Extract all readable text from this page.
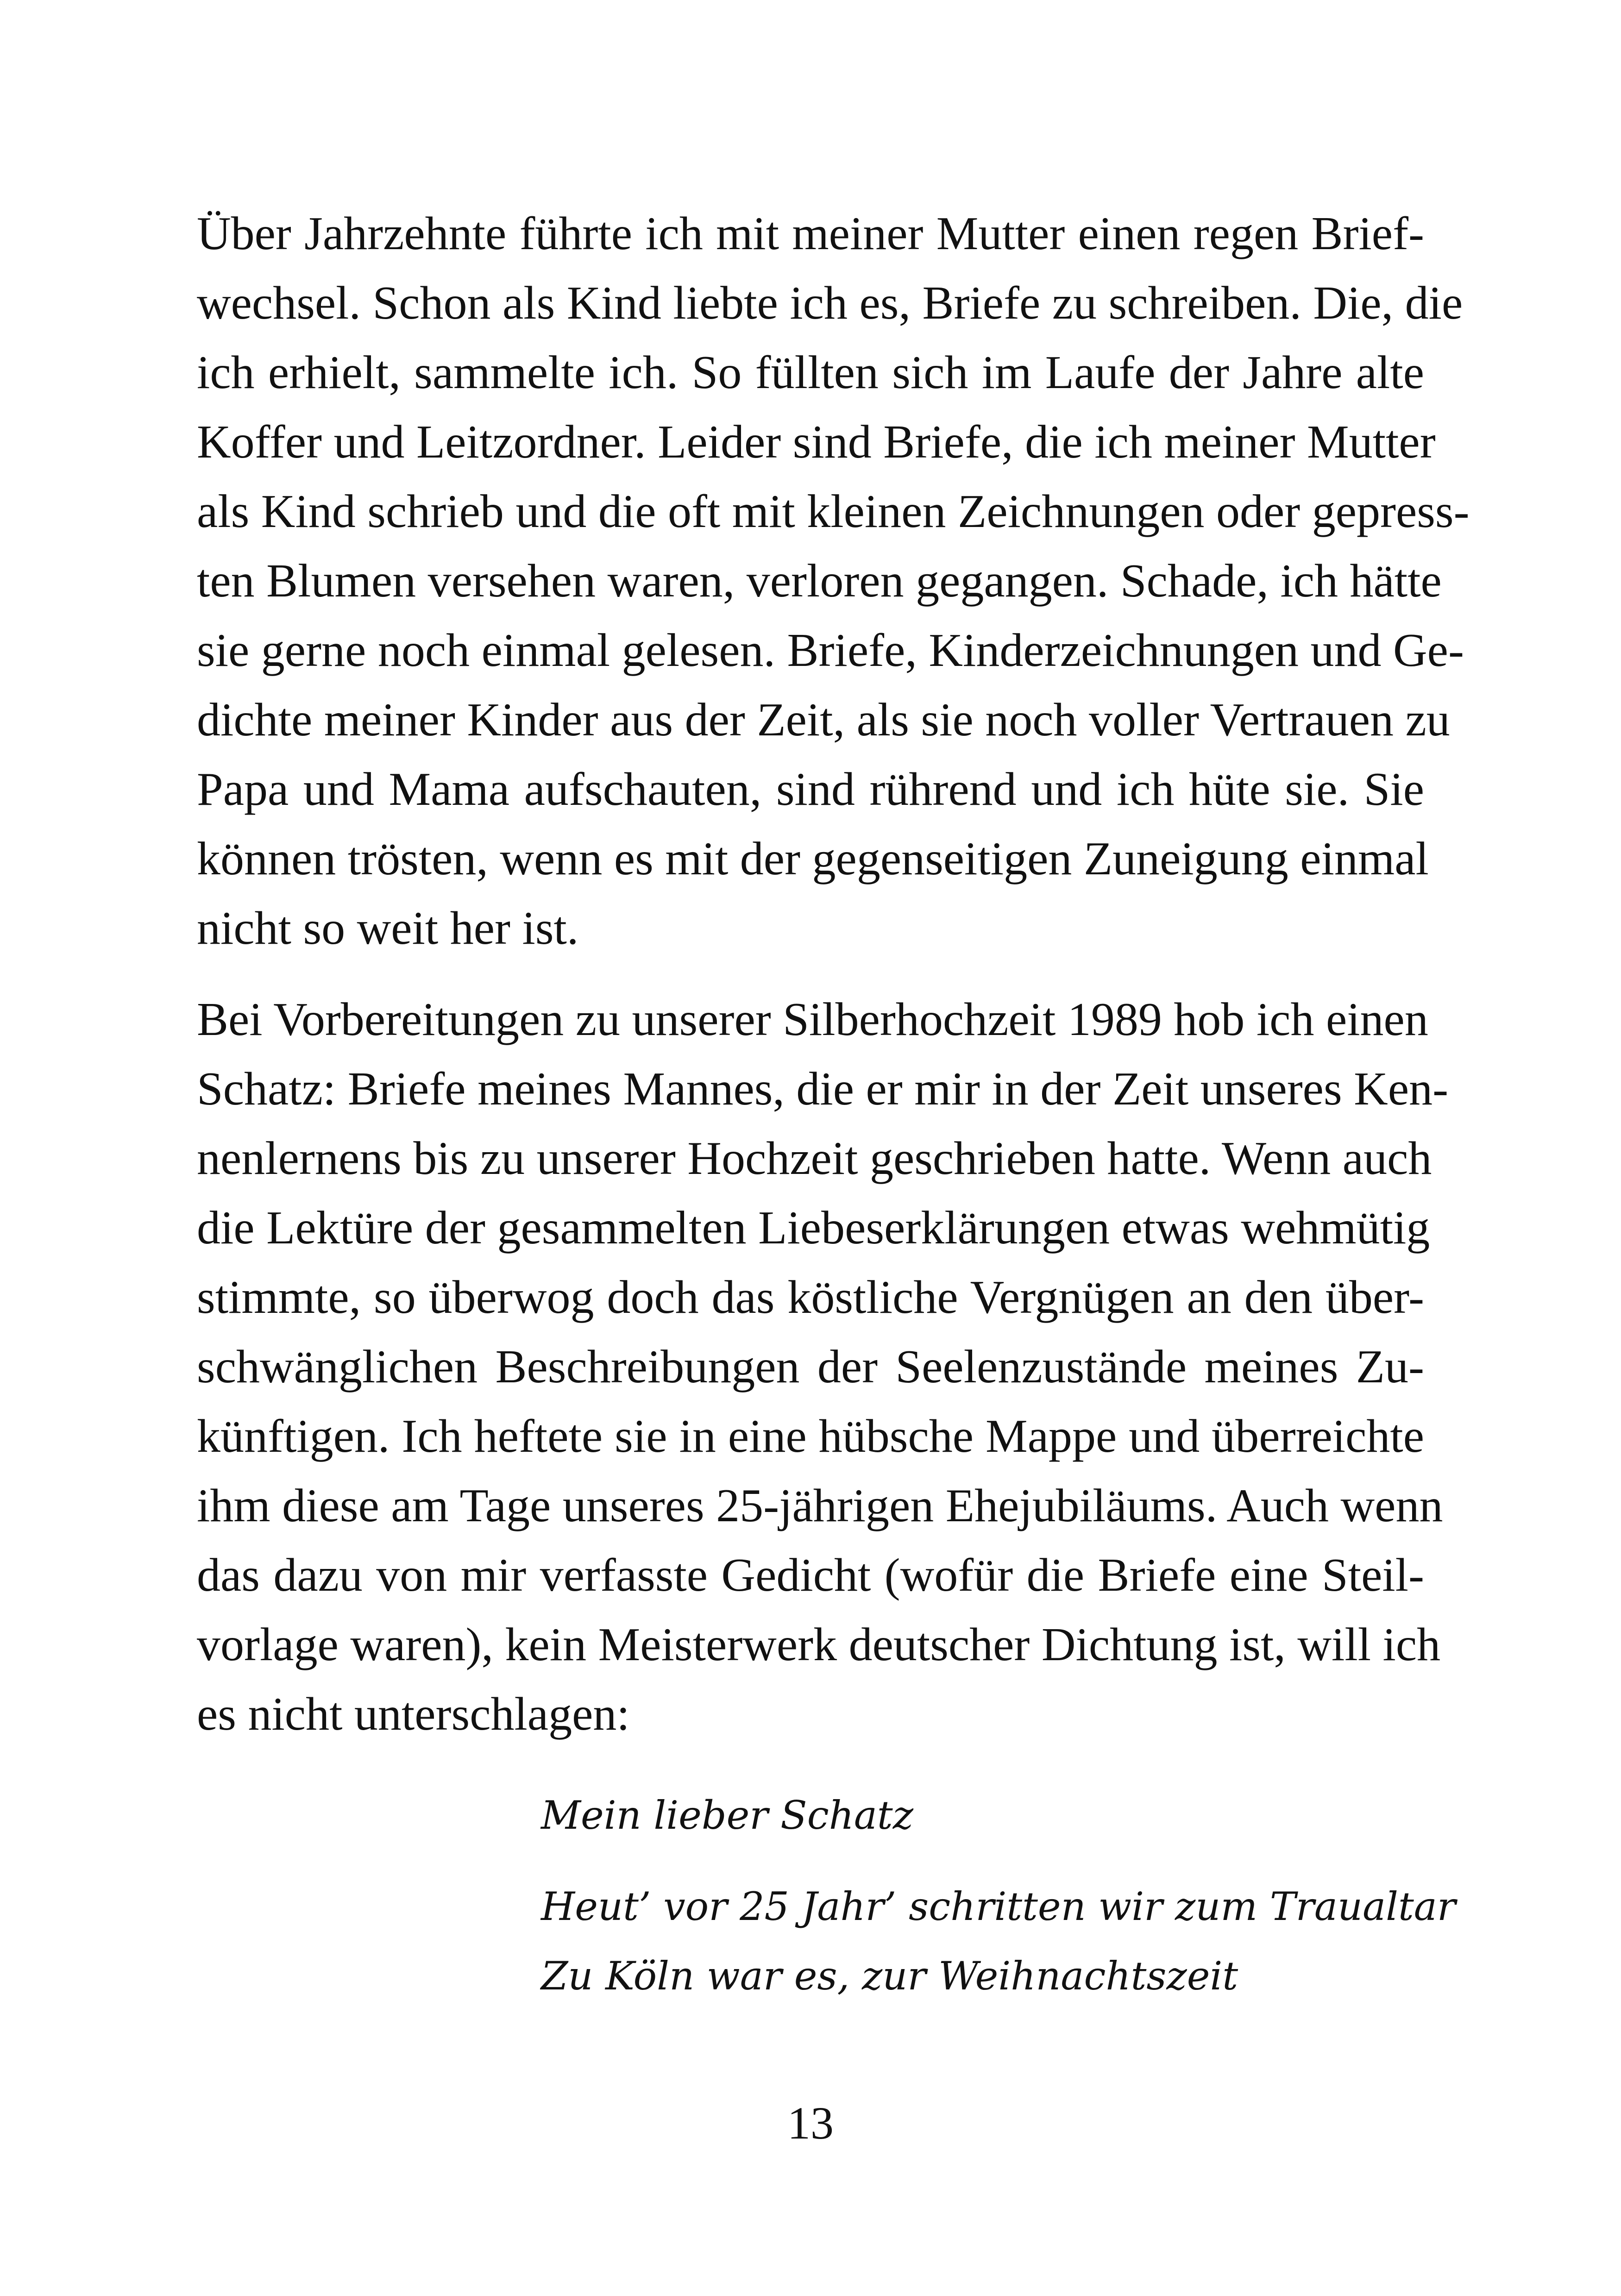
Über Jahrzehnte führte ich mit meiner Mutter einen regen Brief-
wechsel. Schon als Kind liebte ich es, Briefe zu schreiben. Die, die
ich erhielt, sammelte ich. So füllten sich im Laufe der Jahre alte
Koffer und Leitzordner. Leider sind Briefe, die ich meiner Mutter
als Kind schrieb und die oft mit kleinen Zeichnungen oder gepress-
ten Blumen versehen waren, verloren gegangen. Schade, ich hätte
sie gerne noch einmal gelesen. Briefe, Kinderzeichnungen und Ge-
dichte meiner Kinder aus der Zeit, als sie noch voller Vertrauen zu
Papa und Mama aufschauten, sind rührend und ich hüte sie. Sie
können trösten, wenn es mit der gegenseitigen Zuneigung einmal
nicht so weit her ist.
Bei Vorbereitungen zu unserer Silberhochzeit 1989 hob ich einen
Schatz: Briefe meines Mannes, die er mir in der Zeit unseres Ken-
nenlernens bis zu unserer Hochzeit geschrieben hatte. Wenn auch
die Lektüre der gesammelten Liebeserklärungen etwas wehmütig
stimmte, so überwog doch das köstliche Vergnügen an den über-
schwänglichen Beschreibungen der Seelenzustände meines Zu-
künftigen. Ich heftete sie in eine hübsche Mappe und überreichte
ihm diese am Tage unseres 25-jährigen Ehejubiläums. Auch wenn
das dazu von mir verfasste Gedicht (wofür die Briefe eine Steil-
vorlage waren), kein Meisterwerk deutscher Dichtung ist, will ich
es nicht unterschlagen:
Mein lieber Schatz
Heut’ vor 25 Jahr’ schritten wir zum Traualtar
Zu Köln war es, zur Weihnachtszeit
13
